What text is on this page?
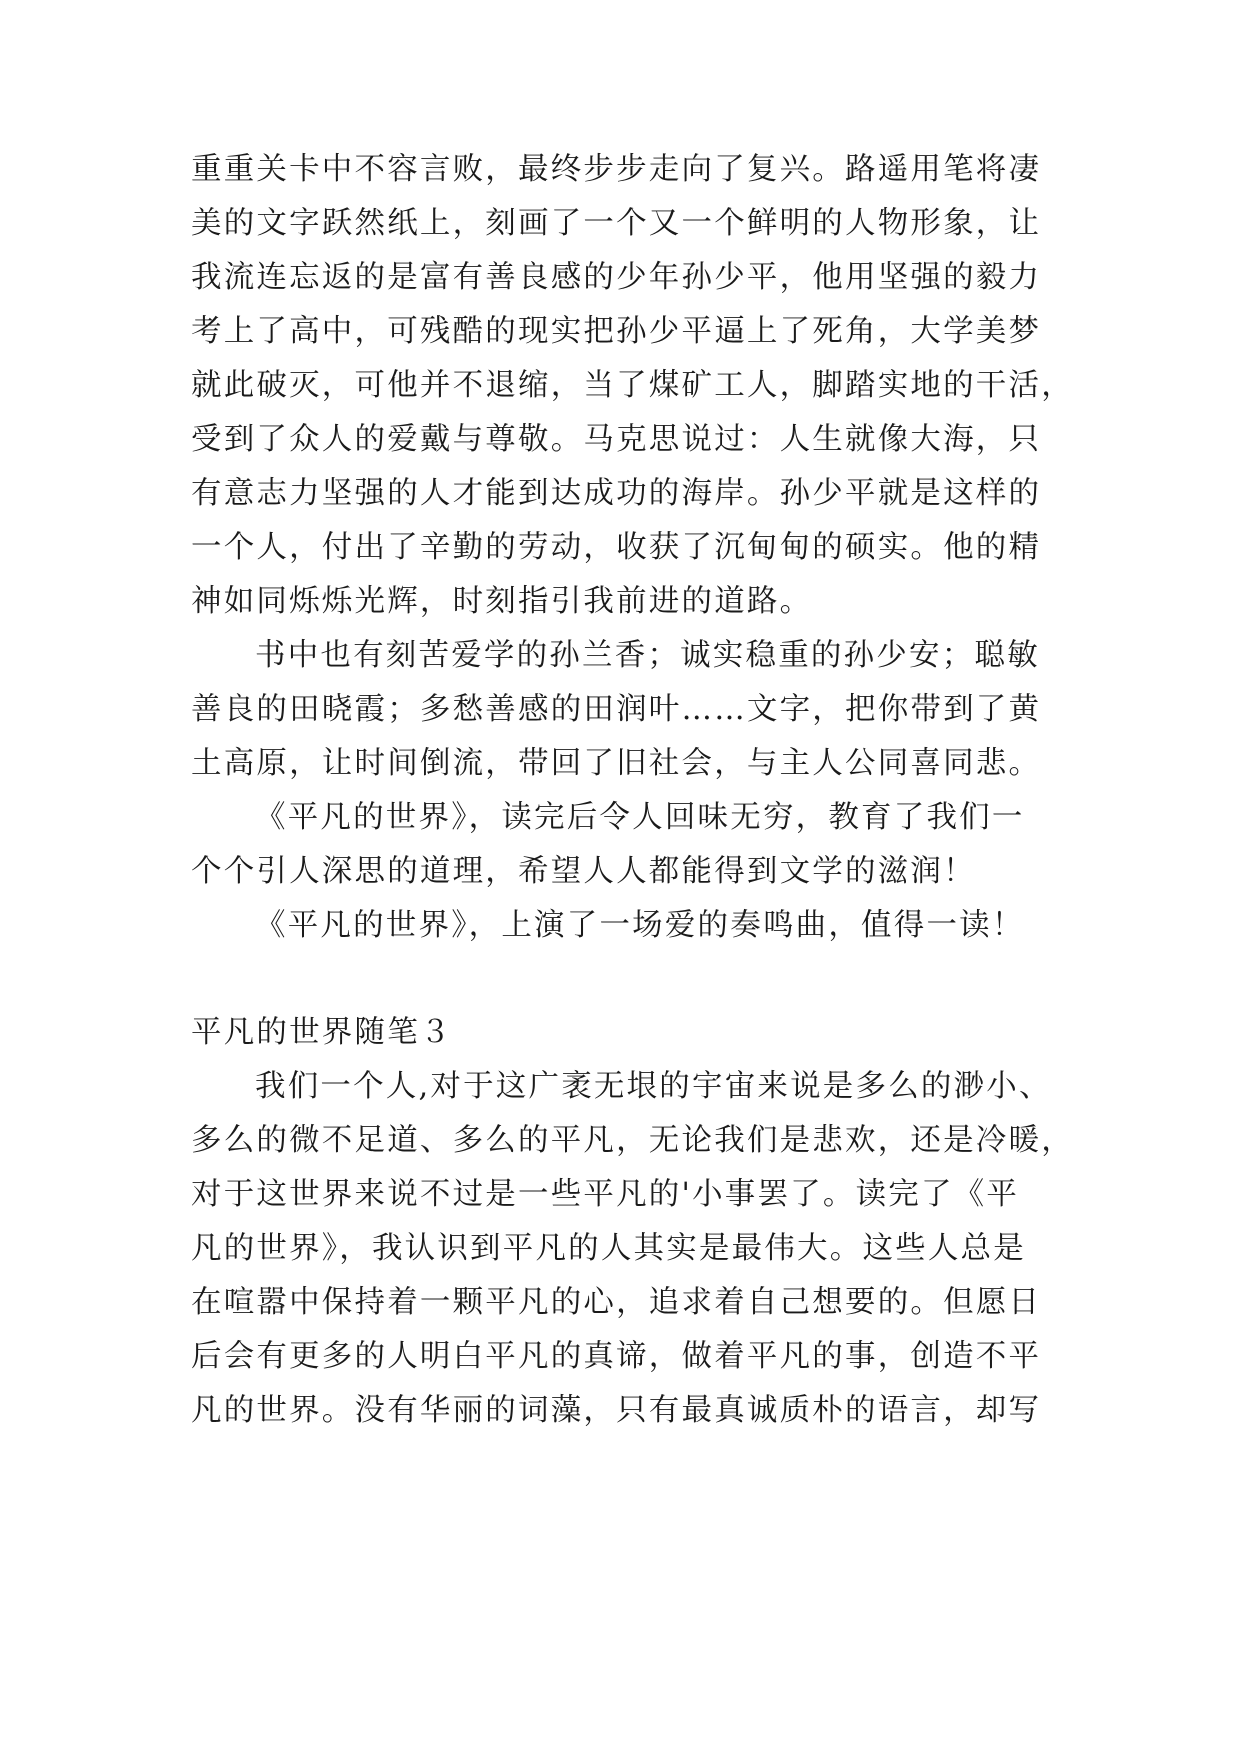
重重关卡中不容言败，最终步步走向了复兴。路遥用笔将凄
美的文字跃然纸上，刻画了一个又一个鲜明的人物形象，让
我流连忘返的是富有善良感的少年孙少平，他用坚强的毅力
考上了高中，可残酷的现实把孙少平逼上了死角，大学美梦
就此破灭，可他并不退缩，当了煤矿工人，脚踏实地的干活，
受到了众人的爱戴与尊敬。马克思说过：人生就像大海，只
有意志力坚强的人才能到达成功的海岸。孙少平就是这样的
一个人，付出了辛勤的劳动，收获了沉甸甸的硕实。他的精
神如同烁烁光辉，时刻指引我前进的道路。
书中也有刻苦爱学的孙兰香；诚实稳重的孙少安；聪敏
善良的田晓霞；多愁善感的田润叶……文字，把你带到了黄
土高原，让时间倒流，带回了旧社会，与主人公同喜同悲。
《平凡的世界》，读完后令人回味无穷，教育了我们一
个个引人深思的道理，希望人人都能得到文学的滋润！
《平凡的世界》，上演了一场爱的奏鸣曲，值得一读！
平凡的世界随笔３
我们一个人,对于这广袤无垠的宇宙来说是多么的渺小、
多么的微不足道、多么的平凡，无论我们是悲欢，还是冷暖，
对于这世界来说不过是一些平凡的'小事罢了。读完了《平
凡的世界》，我认识到平凡的人其实是最伟大。这些人总是
在喧嚣中保持着一颗平凡的心，追求着自己想要的。但愿日
后会有更多的人明白平凡的真谛，做着平凡的事，创造不平
凡的世界。没有华丽的词藻，只有最真诚质朴的语言，却写
